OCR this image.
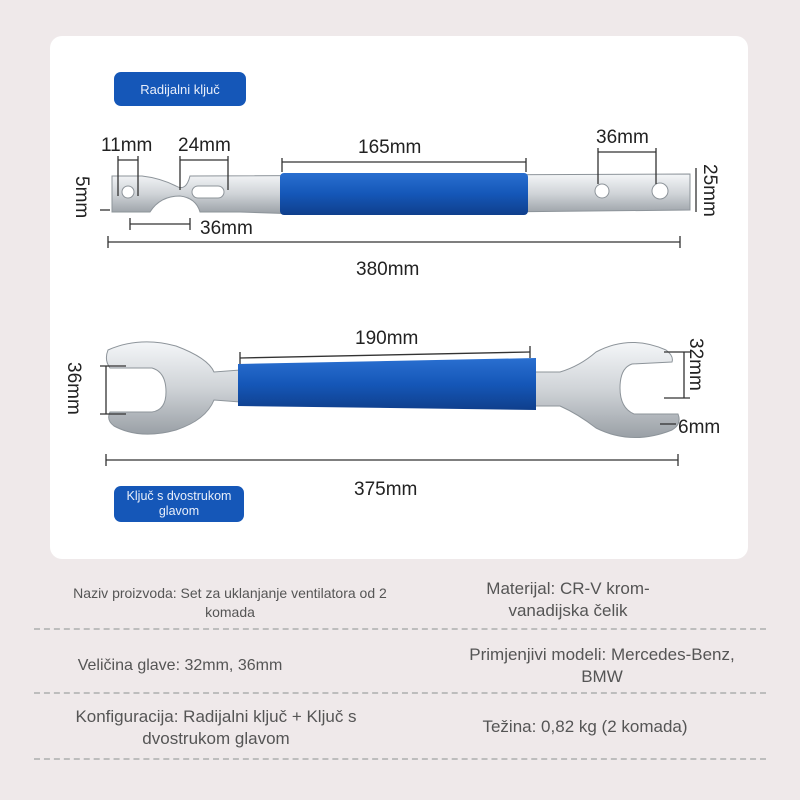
Radijalni ključ
11mm 24mm	165mm	36mm
36mm
380mm
5mm	25mm
190mm
36mm	32mm
6mm
375mm
Ključ s dvostrukom glavom
Naziv proizvoda: Set za uklanjanje ventilatora od 2 komada
Materijal: CR-V krom-vanadijska čelik
Veličina glave: 32mm, 36mm
Primjenjivi modeli: Mercedes-Benz, BMW
Konfiguracija: Radijalni ključ + Ključ s dvostrukom glavom
Težina: 0,82 kg (2 komada)
